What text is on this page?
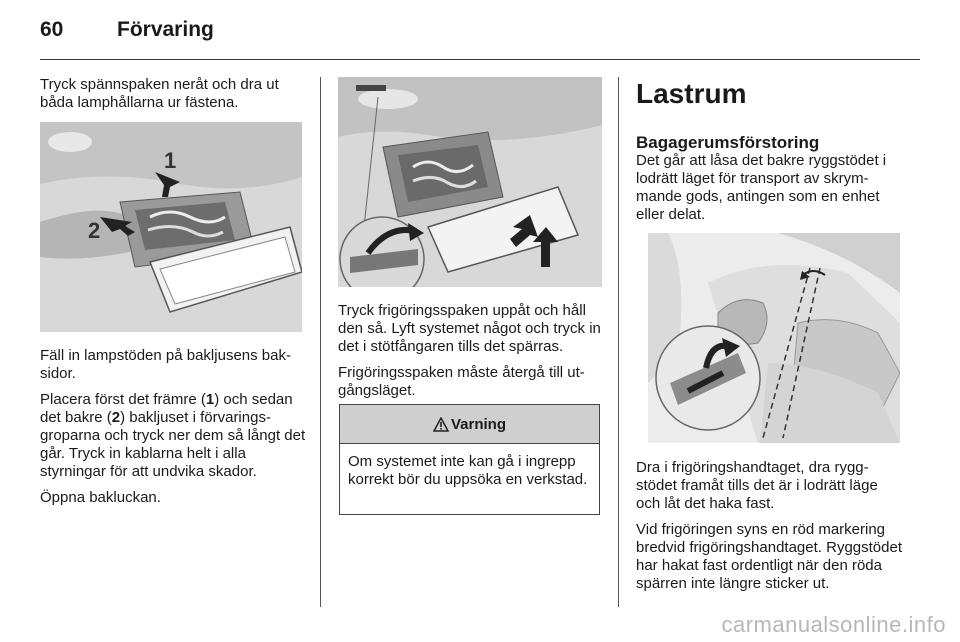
60	Förvaring

Tryck spännspaken neråt och dra ut båda lamphållarna ur fästena.

1
2

Fäll in lampstöden på bakljusens baksidor.

Placera först det främre (1) och sedan det bakre (2) bakljuset i förvaringsgroparna och tryck ner dem så långt det går. Tryck in kablarna helt i alla styrningar för att undvika skador.

Öppna bakluckan.

Tryck frigöringsspaken uppåt och håll den så. Lyft systemet något och tryck in det i stötfångaren tills det spärras.

Frigöringsspaken måste återgå till utgångsläget.

Varning
Om systemet inte kan gå i ingrepp korrekt bör du uppsöka en verkstad.
Lastrum
Bagagerumsförstoring

Det går att låsa det bakre ryggstödet i lodrätt läget för transport av skrymmande gods, antingen som en enhet eller delat.

Dra i frigöringshandtaget, dra ryggstödet framåt tills det är i lodrätt läge och låt det haka fast.

Vid frigöringen syns en röd markering bredvid frigöringshandtaget. Ryggstödet har hakat fast ordentligt när den röda spärren inte längre sticker ut.

carmanualsonline.info
